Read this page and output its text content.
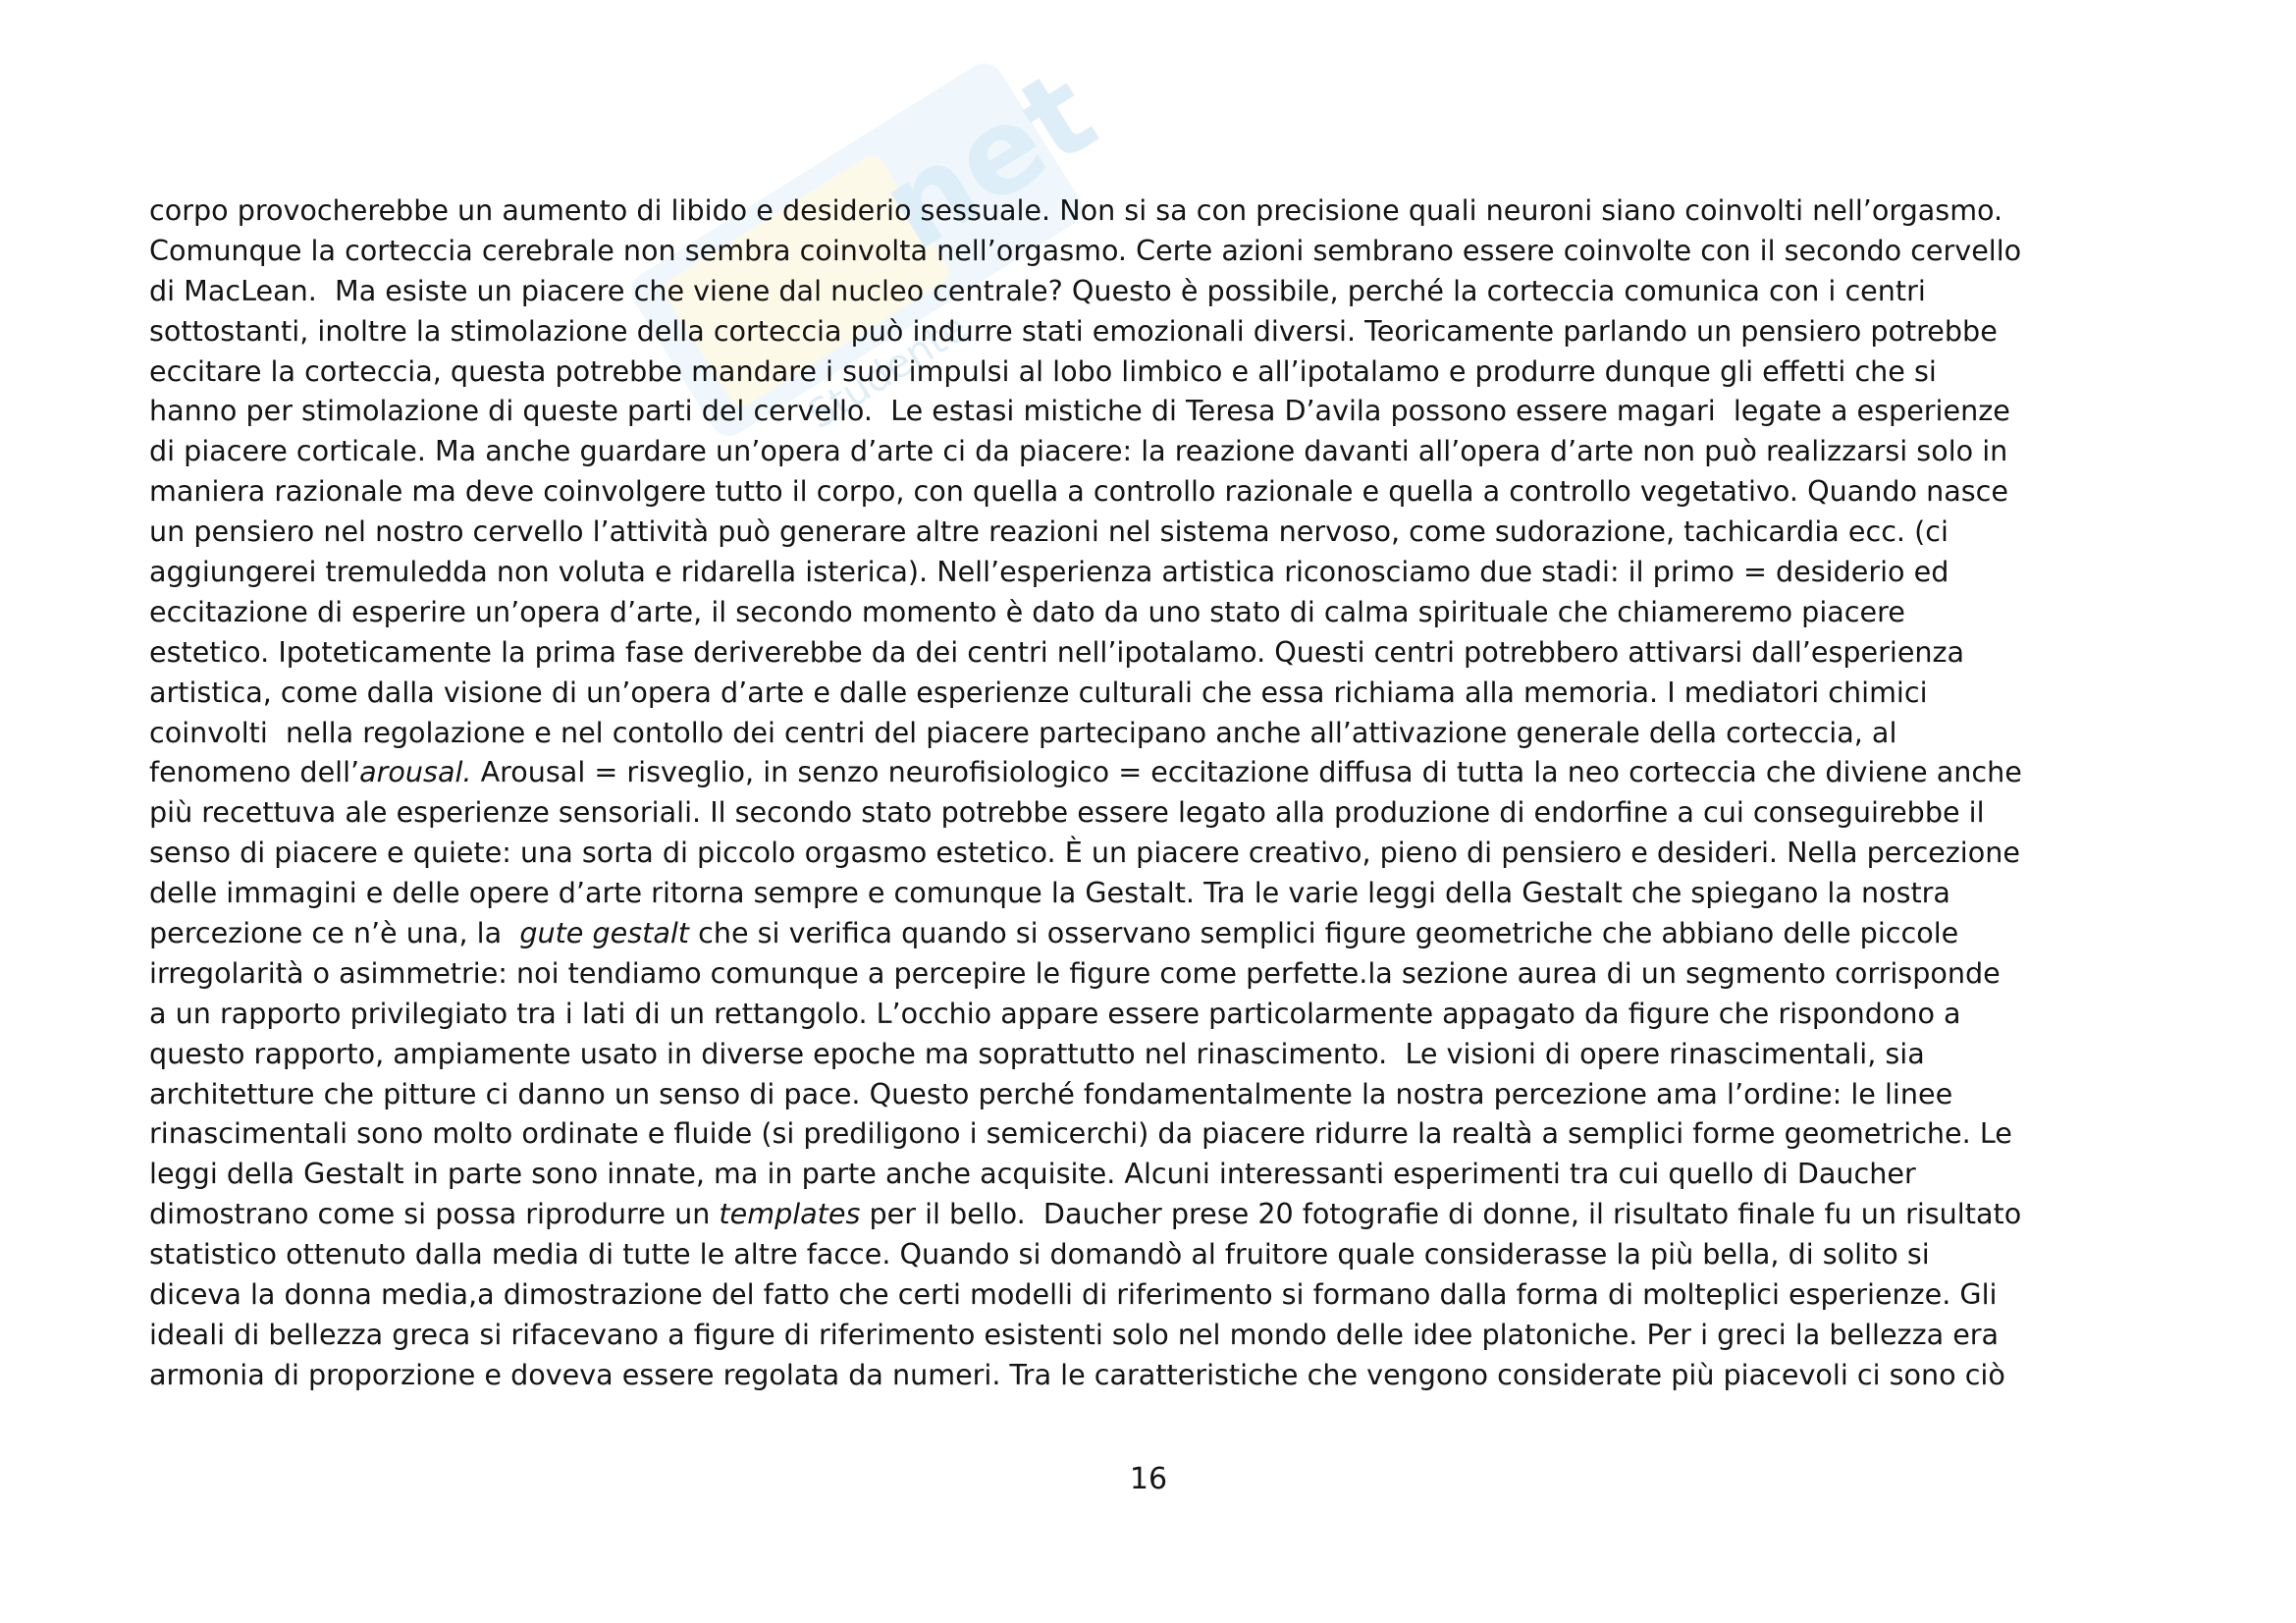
net
Studentе
corpo provocherebbe un aumento di libido e desiderio sessuale. Non si sa con precisione quali neuroni siano coinvolti nell’orgasmo.
Comunque la corteccia cerebrale non sembra coinvolta nell’orgasmo. Certe azioni sembrano essere coinvolte con il secondo cervello
di MacLean.  Ma esiste un piacere che viene dal nucleo centrale? Questo è possibile, perché la corteccia comunica con i centri
sottostanti, inoltre la stimolazione della corteccia può indurre stati emozionali diversi. Teoricamente parlando un pensiero potrebbe
eccitare la corteccia, questa potrebbe mandare i suoi impulsi al lobo limbico e all’ipotalamo e produrre dunque gli effetti che si
hanno per stimolazione di queste parti del cervello.  Le estasi mistiche di Teresa D’avila possono essere magari  legate a esperienze
di piacere corticale. Ma anche guardare un’opera d’arte ci da piacere: la reazione davanti all’opera d’arte non può realizzarsi solo in
maniera razionale ma deve coinvolgere tutto il corpo, con quella a controllo razionale e quella a controllo vegetativo. Quando nasce
un pensiero nel nostro cervello l’attività può generare altre reazioni nel sistema nervoso, come sudorazione, tachicardia ecc. (ci
aggiungerei tremuledda non voluta e ridarella isterica). Nell’esperienza artistica riconosciamo due stadi: il primo = desiderio ed
eccitazione di esperire un’opera d’arte, il secondo momento è dato da uno stato di calma spirituale che chiameremo piacere
estetico. Ipoteticamente la prima fase deriverebbe da dei centri nell’ipotalamo. Questi centri potrebbero attivarsi dall’esperienza
artistica, come dalla visione di un’opera d’arte e dalle esperienze culturali che essa richiama alla memoria. I mediatori chimici
coinvolti  nella regolazione e nel contollo dei centri del piacere partecipano anche all’attivazione generale della corteccia, al
fenomeno dell’arousal. Arousal = risveglio, in senzo neurofisiologico = eccitazione diffusa di tutta la neo corteccia che diviene anche
più recettuva ale esperienze sensoriali. Il secondo stato potrebbe essere legato alla produzione di endorfine a cui conseguirebbe il
senso di piacere e quiete: una sorta di piccolo orgasmo estetico. È un piacere creativo, pieno di pensiero e desideri. Nella percezione
delle immagini e delle opere d’arte ritorna sempre e comunque la Gestalt. Tra le varie leggi della Gestalt che spiegano la nostra
percezione ce n’è una, la  gute gestalt che si verifica quando si osservano semplici figure geometriche che abbiano delle piccole
irregolarità o asimmetrie: noi tendiamo comunque a percepire le figure come perfette.la sezione aurea di un segmento corrisponde
a un rapporto privilegiato tra i lati di un rettangolo. L’occhio appare essere particolarmente appagato da figure che rispondono a
questo rapporto, ampiamente usato in diverse epoche ma soprattutto nel rinascimento.  Le visioni di opere rinascimentali, sia
architetture che pitture ci danno un senso di pace. Questo perché fondamentalmente la nostra percezione ama l’ordine: le linee
rinascimentali sono molto ordinate e fluide (si prediligono i semicerchi) da piacere ridurre la realtà a semplici forme geometriche. Le
leggi della Gestalt in parte sono innate, ma in parte anche acquisite. Alcuni interessanti esperimenti tra cui quello di Daucher
dimostrano come si possa riprodurre un templates per il bello.  Daucher prese 20 fotografie di donne, il risultato finale fu un risultato
statistico ottenuto dalla media di tutte le altre facce. Quando si domandò al fruitore quale considerasse la più bella, di solito si
diceva la donna media,a dimostrazione del fatto che certi modelli di riferimento si formano dalla forma di molteplici esperienze. Gli
ideali di bellezza greca si rifacevano a figure di riferimento esistenti solo nel mondo delle idee platoniche. Per i greci la bellezza era
armonia di proporzione e doveva essere regolata da numeri. Tra le caratteristiche che vengono considerate più piacevoli ci sono ciò
16
